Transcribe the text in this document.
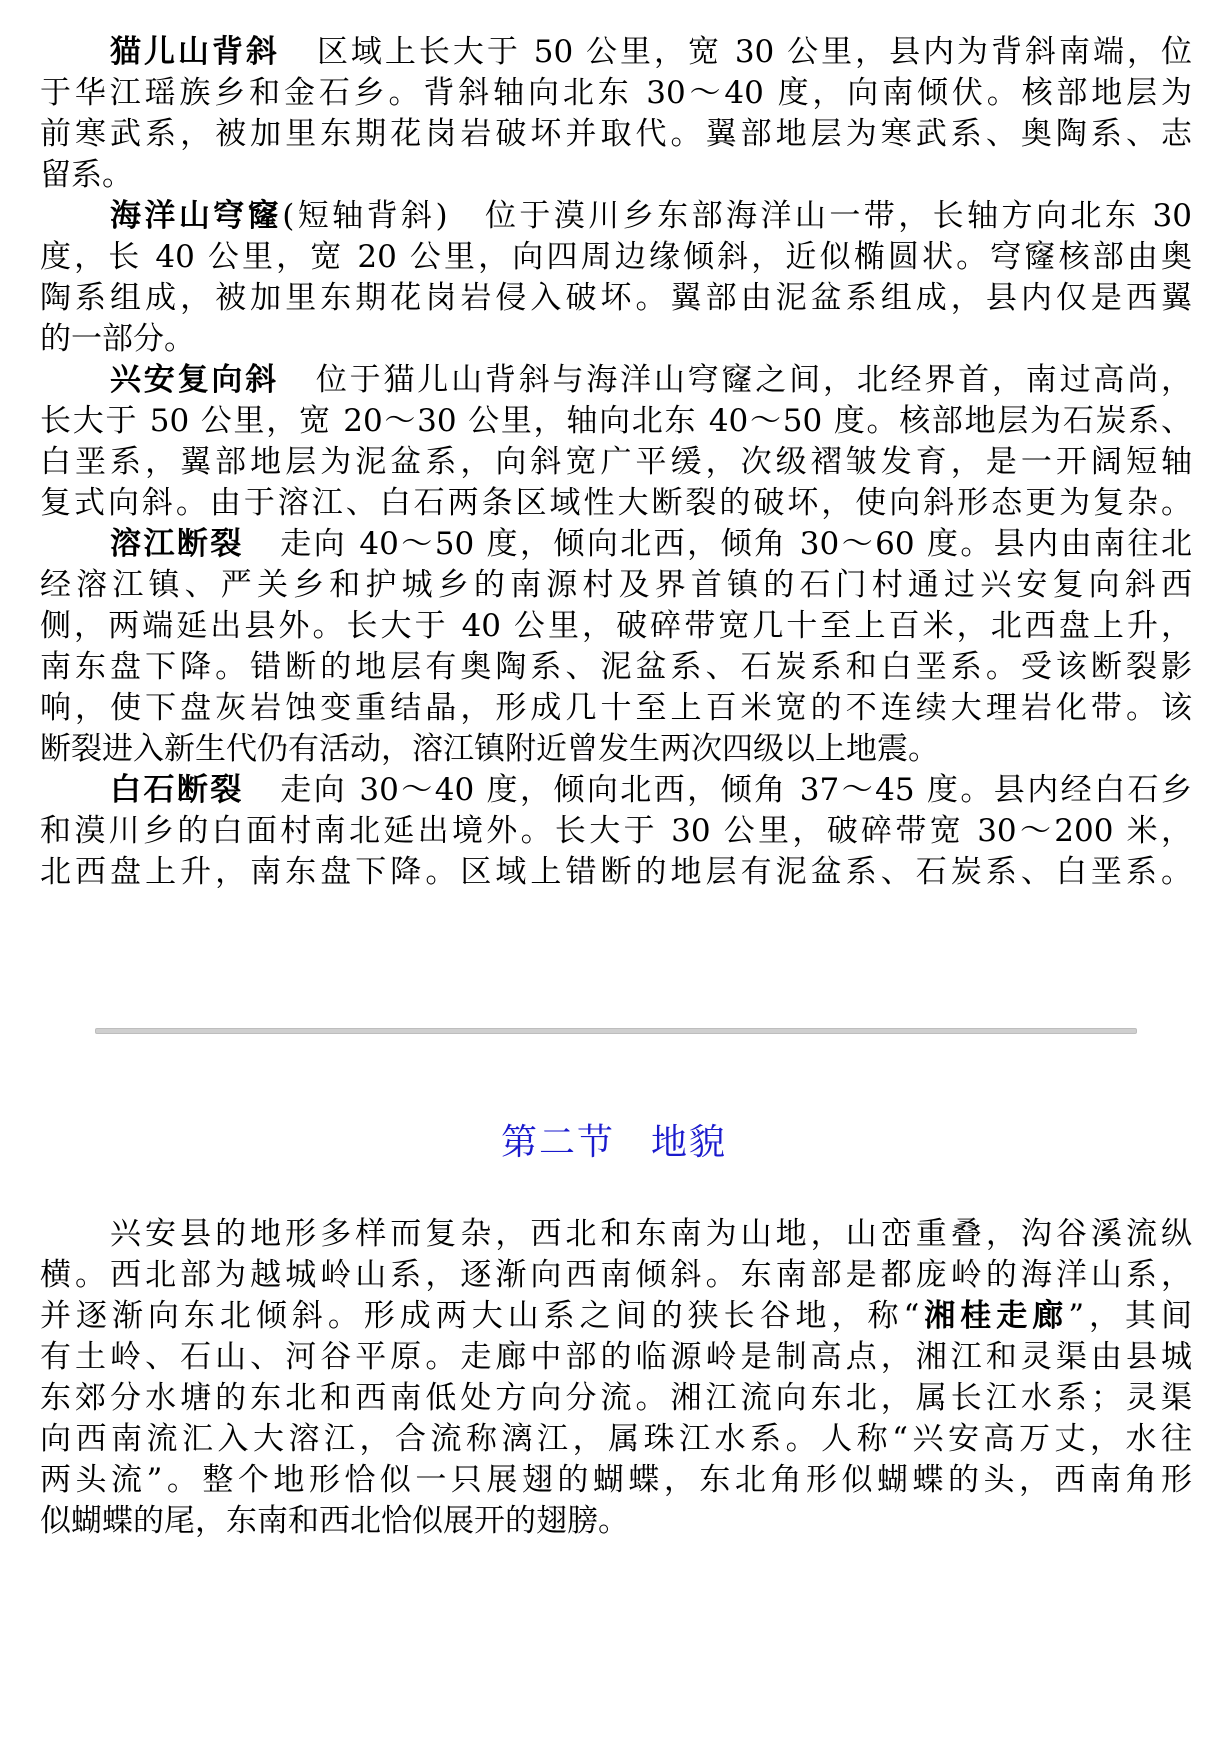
猫儿山背斜 区域上长大于 50 公里，宽 30 公里，县内为背斜南端，位
于华江瑶族乡和金石乡。背斜轴向北东 30～40 度，向南倾伏。核部地层为
前寒武系，被加里东期花岗岩破坏并取代。翼部地层为寒武系、奥陶系、志
留系。
海洋山穹窿(短轴背斜) 位于漠川乡东部海洋山一带，长轴方向北东 30
度，长 40 公里，宽 20 公里，向四周边缘倾斜，近似椭圆状。穹窿核部由奥
陶系组成，被加里东期花岗岩侵入破坏。翼部由泥盆系组成，县内仅是西翼
的一部分。
兴安复向斜 位于猫儿山背斜与海洋山穹窿之间，北经界首，南过高尚，
长大于 50 公里，宽 20～30 公里，轴向北东 40～50 度。核部地层为石炭系、
白垩系，翼部地层为泥盆系，向斜宽广平缓，次级褶皱发育，是一开阔短轴
复式向斜。由于溶江、白石两条区域性大断裂的破坏，使向斜形态更为复杂。
溶江断裂 走向 40～50 度，倾向北西，倾角 30～60 度。县内由南往北
经溶江镇、严关乡和护城乡的南源村及界首镇的石门村通过兴安复向斜西
侧，两端延出县外。长大于 40 公里，破碎带宽几十至上百米，北西盘上升，
南东盘下降。错断的地层有奥陶系、泥盆系、石炭系和白垩系。受该断裂影
响，使下盘灰岩蚀变重结晶，形成几十至上百米宽的不连续大理岩化带。该
断裂进入新生代仍有活动，溶江镇附近曾发生两次四级以上地震。
白石断裂 走向 30～40 度，倾向北西，倾角 37～45 度。县内经白石乡
和漠川乡的白面村南北延出境外。长大于 30 公里，破碎带宽 30～200 米，
北西盘上升，南东盘下降。区域上错断的地层有泥盆系、石炭系、白垩系。
第二节 地貌
兴安县的地形多样而复杂，西北和东南为山地，山峦重叠，沟谷溪流纵
横。西北部为越城岭山系，逐渐向西南倾斜。东南部是都庞岭的海洋山系，
并逐渐向东北倾斜。形成两大山系之间的狭长谷地，称“湘桂走廊”，其间
有土岭、石山、河谷平原。走廊中部的临源岭是制高点，湘江和灵渠由县城
东郊分水塘的东北和西南低处方向分流。湘江流向东北，属长江水系；灵渠
向西南流汇入大溶江，合流称漓江，属珠江水系。人称“兴安高万丈，水往
两头流”。整个地形恰似一只展翅的蝴蝶，东北角形似蝴蝶的头，西南角形
似蝴蝶的尾，东南和西北恰似展开的翅膀。
